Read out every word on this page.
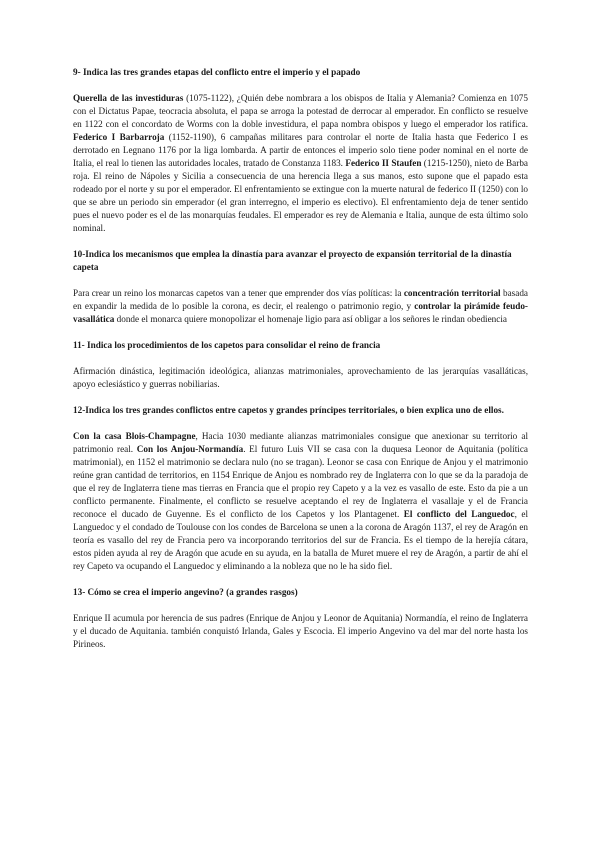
9- Indica las tres grandes etapas del conflicto entre el imperio y el papado

Querella de las investiduras (1075-1122), ¿Quién debe nombrara a los obispos de Italia y Alemania? Comienza en 1075 con el Dictatus Papae, teocracia absoluta, el papa se arroga la potestad de derrocar al emperador. En conflicto se resuelve en 1122 con el concordato de Worms con la doble investidura, el papa nombra obispos y luego el emperador los ratifica. Federico I Barbarroja (1152-1190), 6 campañas militares para controlar el norte de Italia hasta que Federico I es derrotado en Legnano 1176 por la liga lombarda. A partir de entonces el imperio solo tiene poder nominal en el norte de Italia, el real lo tienen las autoridades locales, tratado de Constanza 1183. Federico II Staufen (1215-1250), nieto de Barba roja. El reino de Nápoles y Sicilia a consecuencia de una herencia llega a sus manos, esto supone que el papado esta rodeado por el norte y su por el emperador. El enfrentamiento se extingue con la muerte natural de federico II (1250) con lo que se abre un periodo sin emperador (el gran interregno, el imperio es electivo). El enfrentamiento deja de tener sentido pues el nuevo poder es el de las monarquías feudales. El emperador es rey de Alemania e Italia, aunque de esta último solo nominal.

10-Indica los mecanismos que emplea la dinastía para avanzar el proyecto de expansión territorial de la dinastía capeta

Para crear un reino los monarcas capetos van a tener que emprender dos vías políticas: la concentración territorial basada en expandir la medida de lo posible la corona, es decir, el realengo o patrimonio regio, y controlar la pirámide feudo-vasallática donde el monarca quiere monopolizar el homenaje ligio para así obligar a los señores le rindan obediencia

11- Indica los procedimientos de los capetos para consolidar el reino de francia

Afirmación dinástica, legitimación ideológica, alianzas matrimoniales, aprovechamiento de las jerarquías vasalláticas, apoyo eclesiástico y guerras nobiliarias.

12-Indica los tres grandes conflictos entre capetos y grandes príncipes territoriales, o bien explica uno de ellos.

Con la casa Blois-Champagne, Hacia 1030 mediante alianzas matrimoniales consigue que anexionar su territorio al patrimonio real. Con los Anjou-Normandía. El futuro Luis VII se casa con la duquesa Leonor de Aquitania (política matrimonial), en 1152 el matrimonio se declara nulo (no se tragan). Leonor se casa con Enrique de Anjou y el matrimonio reúne gran cantidad de territorios, en 1154 Enrique de Anjou es nombrado rey de Inglaterra con lo que se da la paradoja de que el rey de Inglaterra tiene mas tierras en Francia que el propio rey Capeto y a la vez es vasallo de este. Esto da pie a un conflicto permanente. Finalmente, el conflicto se resuelve aceptando el rey de Inglaterra el vasallaje y el de Francia reconoce el ducado de Guyenne. Es el conflicto de los Capetos y los Plantagenet. El conflicto del Languedoc, el Languedoc y el condado de Toulouse con los condes de Barcelona se unen a la corona de Aragón 1137, el rey de Aragón en teoría es vasallo del rey de Francia pero va incorporando territorios del sur de Francia. Es el tiempo de la herejía cátara, estos piden ayuda al rey de Aragón que acude en su ayuda, en la batalla de Muret muere el rey de Aragón, a partir de ahí el rey Capeto va ocupando el Languedoc y eliminando a la nobleza que no le ha sido fiel.

13- Cómo se crea el imperio angevino? (a grandes rasgos)

Enrique II acumula por herencia de sus padres (Enrique de Anjou y Leonor de Aquitania) Normandía, el reino de Inglaterra y el ducado de Aquitania. también conquistó Irlanda, Gales y Escocia. El imperio Angevino va del mar del norte hasta los Pirineos.
